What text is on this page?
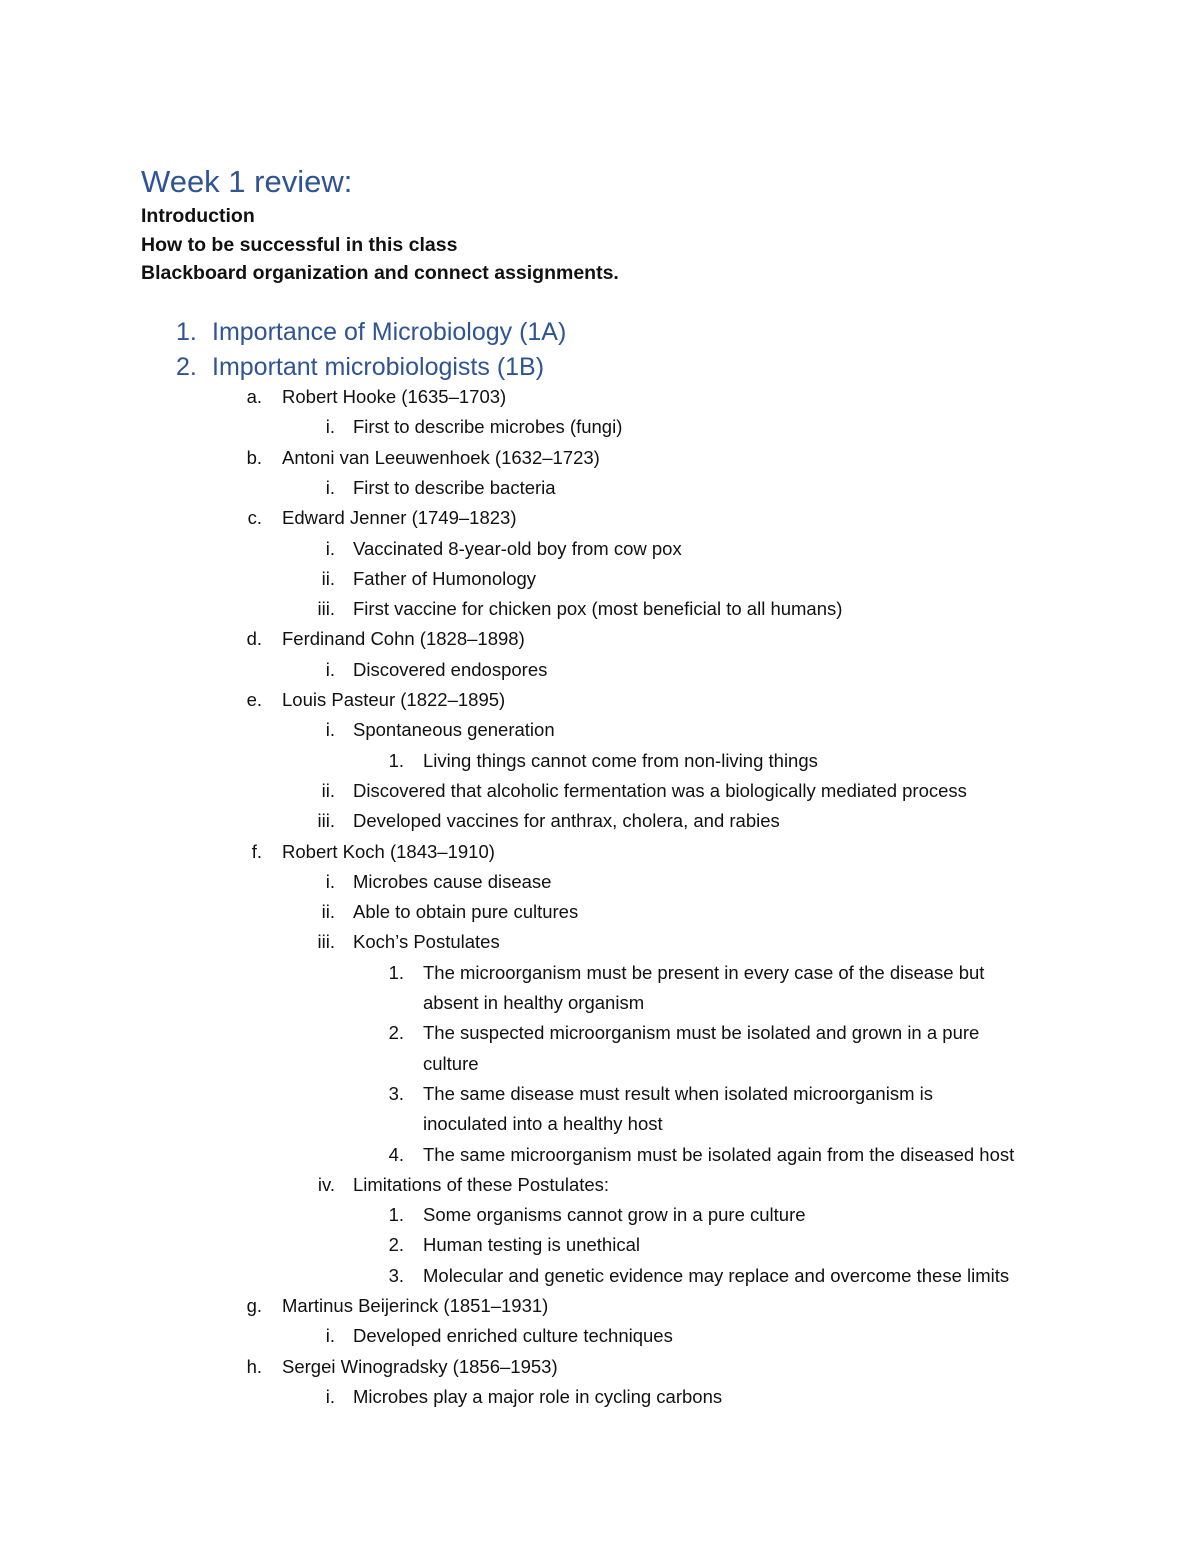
Week 1 review:
Introduction
How to be successful in this class
Blackboard organization and connect assignments.
1. Importance of Microbiology (1A)
2. Important microbiologists (1B)
a. Robert Hooke (1635–1703)
i. First to describe microbes (fungi)
b. Antoni van Leeuwenhoek (1632–1723)
i. First to describe bacteria
c. Edward Jenner (1749–1823)
i. Vaccinated 8-year-old boy from cow pox
ii. Father of Humonology
iii. First vaccine for chicken pox (most beneficial to all humans)
d. Ferdinand Cohn (1828–1898)
i. Discovered endospores
e. Louis Pasteur (1822–1895)
i. Spontaneous generation
1. Living things cannot come from non-living things
ii. Discovered that alcoholic fermentation was a biologically mediated process
iii. Developed vaccines for anthrax, cholera, and rabies
f. Robert Koch (1843–1910)
i. Microbes cause disease
ii. Able to obtain pure cultures
iii. Koch’s Postulates
1. The microorganism must be present in every case of the disease but
absent in healthy organism
2. The suspected microorganism must be isolated and grown in a pure
culture
3. The same disease must result when isolated microorganism is
inoculated into a healthy host
4. The same microorganism must be isolated again from the diseased host
iv. Limitations of these Postulates:
1. Some organisms cannot grow in a pure culture
2. Human testing is unethical
3. Molecular and genetic evidence may replace and overcome these limits
g. Martinus Beijerinck (1851–1931)
i. Developed enriched culture techniques
h. Sergei Winogradsky (1856–1953)
i. Microbes play a major role in cycling carbons
